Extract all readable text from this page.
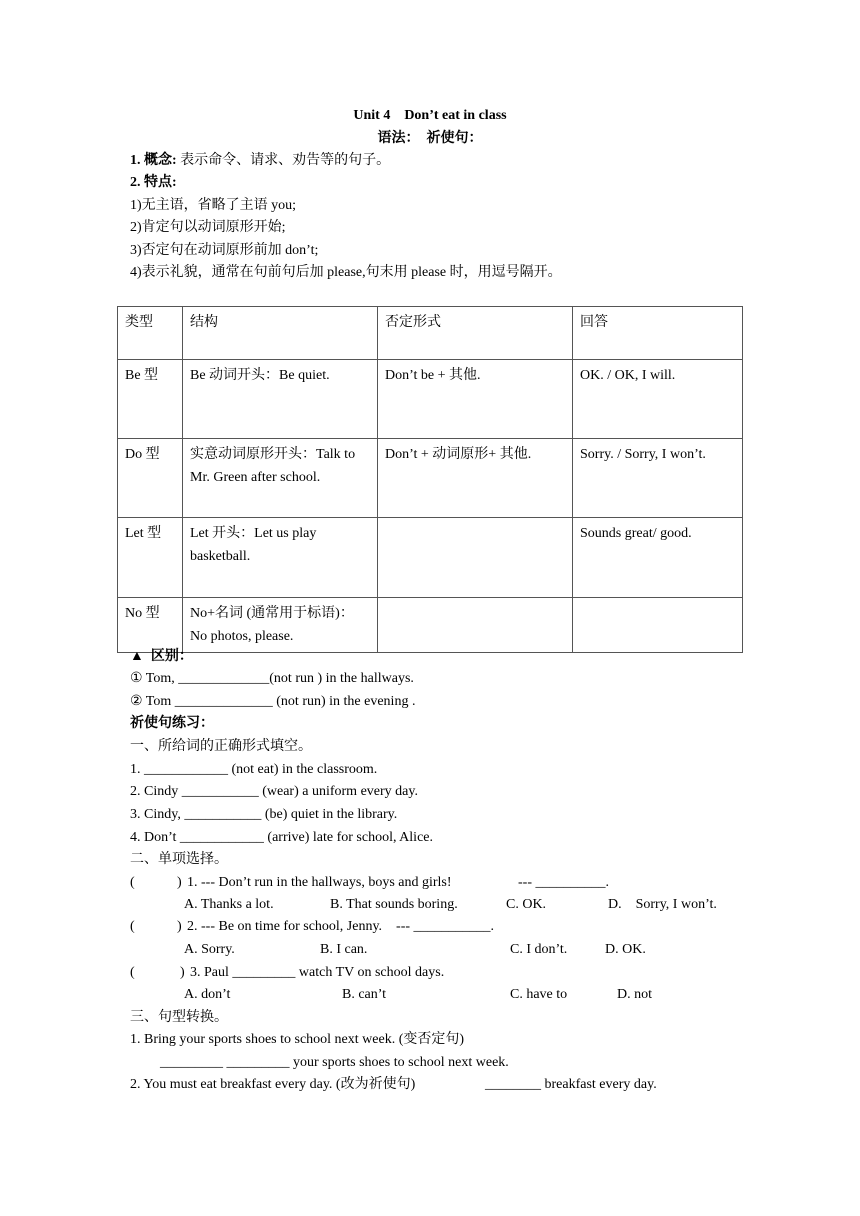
Unit 4    Don’t eat in class
语法：  祈使句：
1. 概念: 表示命令、请求、劝告等的句子。
2. 特点:
1)无主语，省略了主语 you;
2)肯定句以动词原形开始;
3)否定句在动词原形前加 don’t;
4)表示礼貌，通常在句前句后加 please,句末用 please 时，用逗号隔开。
类型	结构	否定形式	回答
Be 型	Be 动词开头：Be quiet.	Don’t be + 其他.	OK. / OK, I will.
Do 型	实意动词原形开头：Talk to Mr. Green after school.	Don’t + 动词原形+ 其他.	Sorry. / Sorry, I won’t.
Let 型	Let 开头：Let us play basketball.		Sounds great/ good.
No 型	No+名词 (通常用于标语)：No photos, please.		
▲  区别：
① Tom, _____________(not run ) in the hallways.
② Tom ______________ (not run) in the evening .
祈使句练习：
一、所给词的正确形式填空。
1. ____________ (not eat) in the classroom.
2. Cindy ___________ (wear) a uniform every day.
3. Cindy, ___________ (be) quiet in the library.
4. Don’t ____________ (arrive) late for school, Alice.
二、单项选择。
(	) 1. --- Don’t run in the hallways, boys and girls!	--- __________.
A. Thanks a lot.	B. That sounds boring.	C. OK.	D.    Sorry, I won’t.
(	) 2. --- Be on time for school, Jenny.    --- ___________.
A. Sorry.	B. I can.	C. I don’t.	D. OK.
(	) 3. Paul _________ watch TV on school days.
A. don’t	B. can’t	C. have to	D. not
三、句型转换。
1. Bring your sports shoes to school next week. (变否定句)
_________ _________ your sports shoes to school next week.
2. You must eat breakfast every day. (改为祈使句)	________ breakfast every day.
